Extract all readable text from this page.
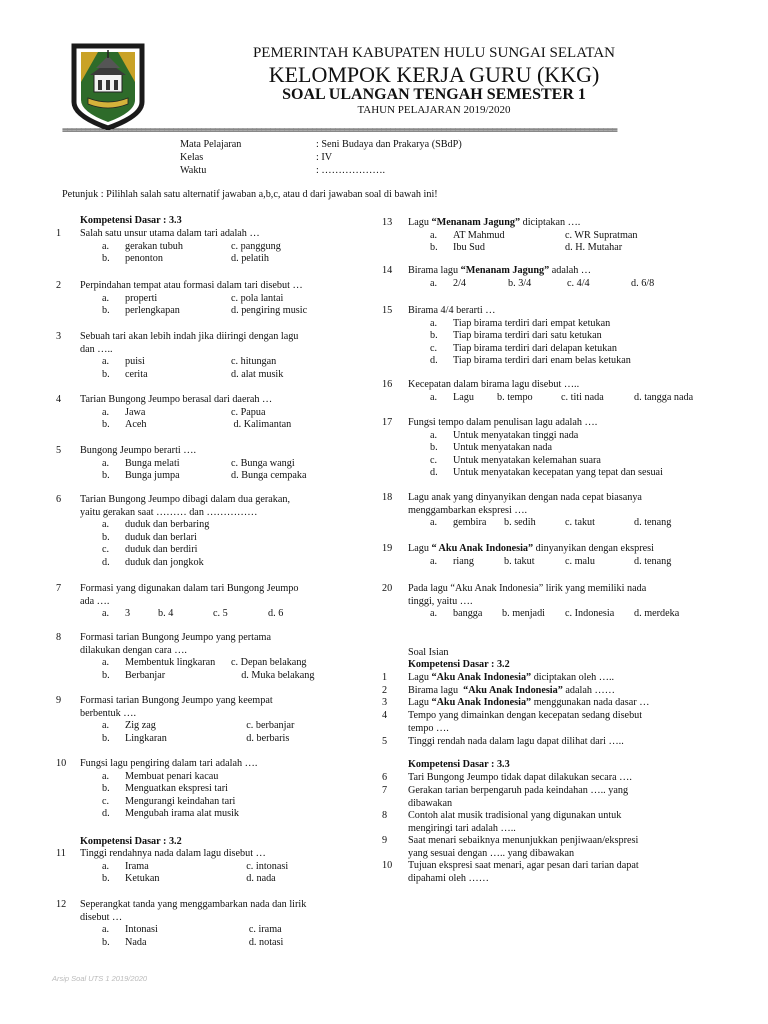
PEMERINTAH KABUPATEN HULU SUNGAI SELATAN
KELOMPOK KERJA GURU (KKG)
SOAL ULANGAN TENGAH SEMESTER 1
TAHUN PELAJARAN 2019/2020
========================================================================================================================
Mata Pelajaran	: Seni Budaya dan Prakarya (SBdP)
Kelas	: IV
Waktu	: ……………….
Petunjuk : Pilihlah salah satu alternatif jawaban a,b,c, atau d dari jawaban soal di bawah ini!
Kompetensi Dasar : 3.3
1 Salah satu unsur utama dalam tari adalah …
a. gerakan tubuh	c. panggung
b. penonton	d. pelatih
2 Perpindahan tempat atau formasi dalam tari disebut …
a. properti	c. pola lantai
b. perlengkapan	d. pengiring music
3 Sebuah tari akan lebih indah jika diiringi dengan lagu
dan …..
a. puisi	c. hitungan
b. cerita	d. alat musik
4 Tarian Bungong Jeumpo berasal dari daerah …
a. Jawa	c. Papua
b. Aceh	d. Kalimantan
5 Bungong Jeumpo berarti ….
a. Bunga melati	c. Bunga wangi
b. Bunga jumpa	d. Bunga cempaka
6 Tarian Bungong Jeumpo dibagi dalam dua gerakan,
yaitu gerakan saat ……… dan ……………
a. duduk dan berbaring
b. duduk dan berlari
c. duduk dan berdiri
d. duduk dan jongkok
7 Formasi yang digunakan dalam tari Bungong Jeumpo
ada ….
a. 3	b. 4	c. 5	d. 6
8 Formasi tarian Bungong Jeumpo yang pertama
dilakukan dengan cara ….
a. Membentuk lingkaran c. Depan belakang
b. Berbanjar	d. Muka belakang
9 Formasi tarian Bungong Jeumpo yang keempat
berbentuk ….
a. Zig zag	c. berbanjar
b. Lingkaran	d. berbaris
10 Fungsi lagu pengiring dalam tari adalah ….
a. Membuat penari kacau
b. Menguatkan ekspresi tari
c. Mengurangi keindahan tari
d. Mengubah irama alat musik
Kompetensi Dasar : 3.2
11 Tinggi rendahnya nada dalam lagu disebut …
a. Irama	c. intonasi
b. Ketukan	d. nada
12 Seperangkat tanda yang menggambarkan nada dan lirik
disebut …
a. Intonasi	c. irama
b. Nada	d. notasi
13 Lagu “Menanam Jagung” diciptakan ….
a. AT Mahmud	c. WR Supratman
b. Ibu Sud	d. H. Mutahar
14 Birama lagu “Menanam Jagung” adalah …
a. 2/4	b. 3/4	c. 4/4	d. 6/8
15 Birama 4/4 berarti …
a. Tiap birama terdiri dari empat ketukan
b. Tiap birama terdiri dari satu ketukan
c. Tiap birama terdiri dari delapan ketukan
d. Tiap birama terdiri dari enam belas ketukan
16 Kecepatan dalam birama lagu disebut …..
a. Lagu b. tempo	c. titi nada	d. tangga nada
17 Fungsi tempo dalam penulisan lagu adalah ….
a. Untuk menyatakan tinggi nada
b. Untuk menyatakan nada
c. Untuk menyatakan kelemahan suara
d. Untuk menyatakan kecepatan yang tepat dan sesuai
18 Lagu anak yang dinyanyikan dengan nada cepat biasanya
menggambarkan ekspresi ….
a. gembira b. sedih	c. takut	d. tenang
19 Lagu “ Aku Anak Indonesia” dinyanyikan dengan ekspresi
a. riang	b. takut	c. malu	d. tenang
20 Pada lagu “Aku Anak Indonesia” lirik yang memiliki nada
tinggi, yaitu ….
a. bangga b. menjadi c. Indonesia d. merdeka
Soal Isian
Kompetensi Dasar : 3.2
1 Lagu “Aku Anak Indonesia” diciptakan oleh …..
2 Birama lagu  “Aku Anak Indonesia” adalah ……
3 Lagu “Aku Anak Indonesia” menggunakan nada dasar …
4 Tempo yang dimainkan dengan kecepatan sedang disebut
tempo ….
5 Tinggi rendah nada dalam lagu dapat dilihat dari …..
Kompetensi Dasar : 3.3
6 Tari Bungong Jeumpo tidak dapat dilakukan secara ….
7 Gerakan tarian berpengaruh pada keindahan ….. yang
dibawakan
8 Contoh alat musik tradisional yang digunakan untuk
mengiringi tari adalah …..
9 Saat menari sebaiknya menunjukkan penjiwaan/ekspresi
yang sesuai dengan ….. yang dibawakan
10 Tujuan ekspresi saat menari, agar pesan dari tarian dapat
dipahami oleh ……
Arsip Soal UTS 1 2019/2020
